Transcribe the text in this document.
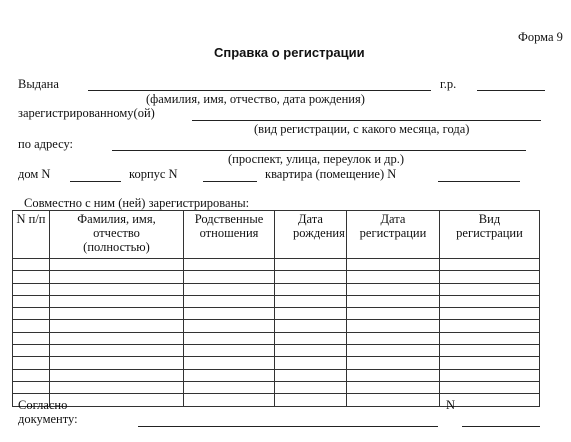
Форма 9
Справка о регистрации
Выдана	г.р.
(фамилия, имя, отчество, дата рождения)
зарегистрированному(ой)
(вид регистрации, с какого месяца, года)
по адресу:
(проспект, улица, переулок и др.)
дом N	корпус N	квартира (помещение) N
Совместно с ним (ней) зарегистрированы:
N п/п	Фамилия, имя, отчество (полностью)	Родственные отношения	Дата рождения	Дата регистрации	Вид регистрации

Согласно	N
документу:
